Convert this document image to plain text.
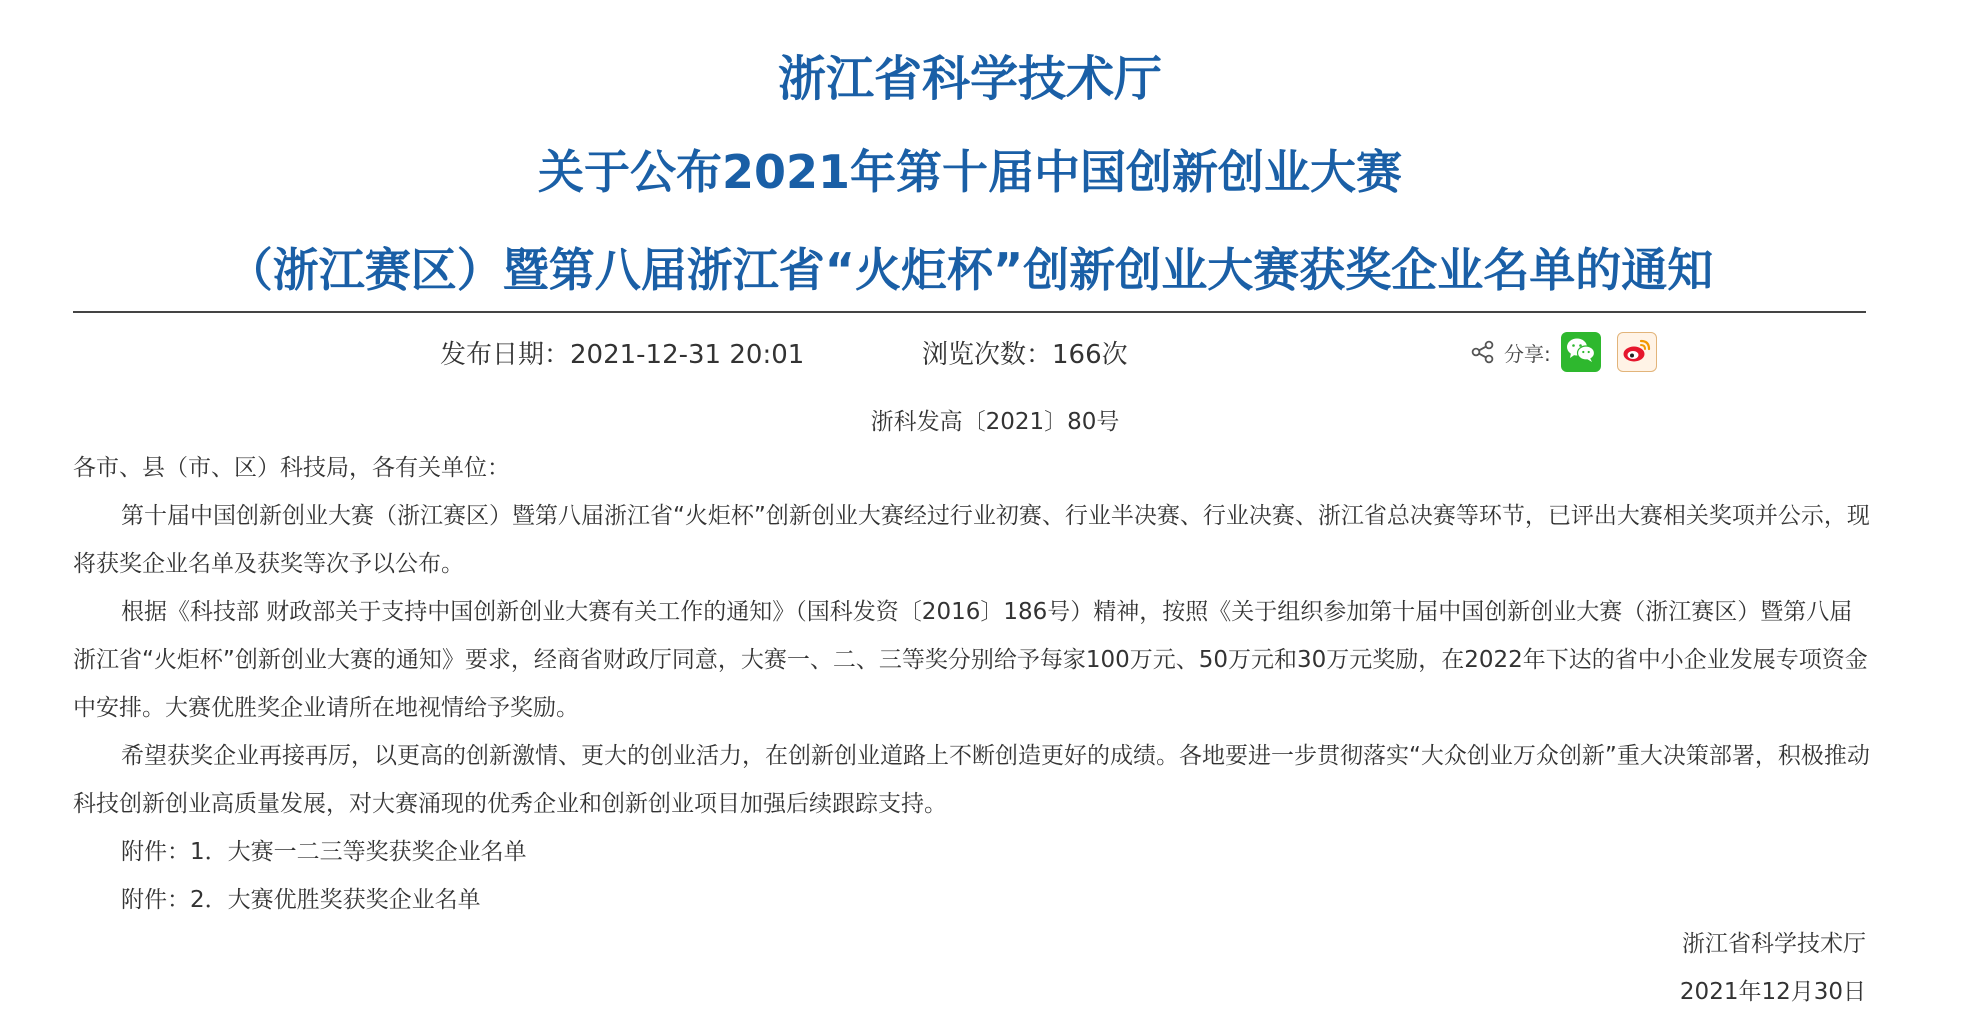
浙江省科学技术厅
关于公布2021年第十届中国创新创业大赛
（浙江赛区）暨第八届浙江省“火炬杯”创新创业大赛获奖企业名单的通知
发布日期：2021-12-31 20:01	浏览次数：166次	分享:
浙科发高〔2021〕80号

各市、县（市、区）科技局，各有关单位：

第十届中国创新创业大赛（浙江赛区）暨第八届浙江省“火炬杯”创新创业大赛经过行业初赛、行业半决赛、行业决赛、浙江省总决赛等环节，已评出大赛相关奖项并公示，现将获奖企业名单及获奖等次予以公布。

根据《科技部 财政部关于支持中国创新创业大赛有关工作的通知》（国科发资〔2016〕186号）精神，按照《关于组织参加第十届中国创新创业大赛（浙江赛区）暨第八届浙江省“火炬杯”创新创业大赛的通知》要求，经商省财政厅同意，大赛一、二、三等奖分别给予每家100万元、50万元和30万元奖励，在2022年下达的省中小企业发展专项资金中安排。大赛优胜奖企业请所在地视情给予奖励。

希望获奖企业再接再厉，以更高的创新激情、更大的创业活力，在创新创业道路上不断创造更好的成绩。各地要进一步贯彻落实“大众创业万众创新”重大决策部署，积极推动科技创新创业高质量发展，对大赛涌现的优秀企业和创新创业项目加强后续跟踪支持。

附件：1．大赛一二三等奖获奖企业名单

附件：2．大赛优胜奖获奖企业名单

浙江省科学技术厅
2021年12月30日
